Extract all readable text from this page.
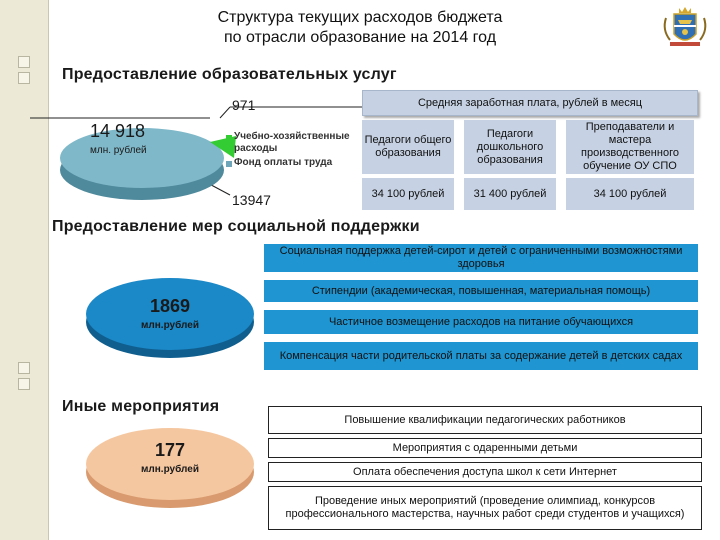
Структура текущих расходов бюджета
по отрасли образование на 2014 год
Предоставление образовательных услуг
14 918
млн. рублей
971
13947
Учебно-хозяйственные расходы
Фонд оплаты труда
Средняя заработная плата, рублей в месяц
Педагоги общего образования
Педагоги дошкольного образования
Преподаватели и мастера производственного обучение ОУ СПО
34 100 рублей	31 400 рублей	34 100 рублей
Предоставление мер социальной поддержки
1869
млн.рублей
Социальная поддержка детей-сирот и детей с ограниченными возможностями здоровья
Стипендии (академическая, повышенная, материальная помощь)
Частичное возмещение расходов на питание обучающихся
Компенсация части родительской платы за содержание детей в детских садах
Иные мероприятия
177
млн.рублей
Повышение квалификации педагогических работников
Мероприятия с одаренными детьми
Оплата обеспечения доступа школ к сети Интернет
Проведение иных мероприятий (проведение олимпиад, конкурсов профессионального мастерства, научных работ среди студентов и учащихся)
